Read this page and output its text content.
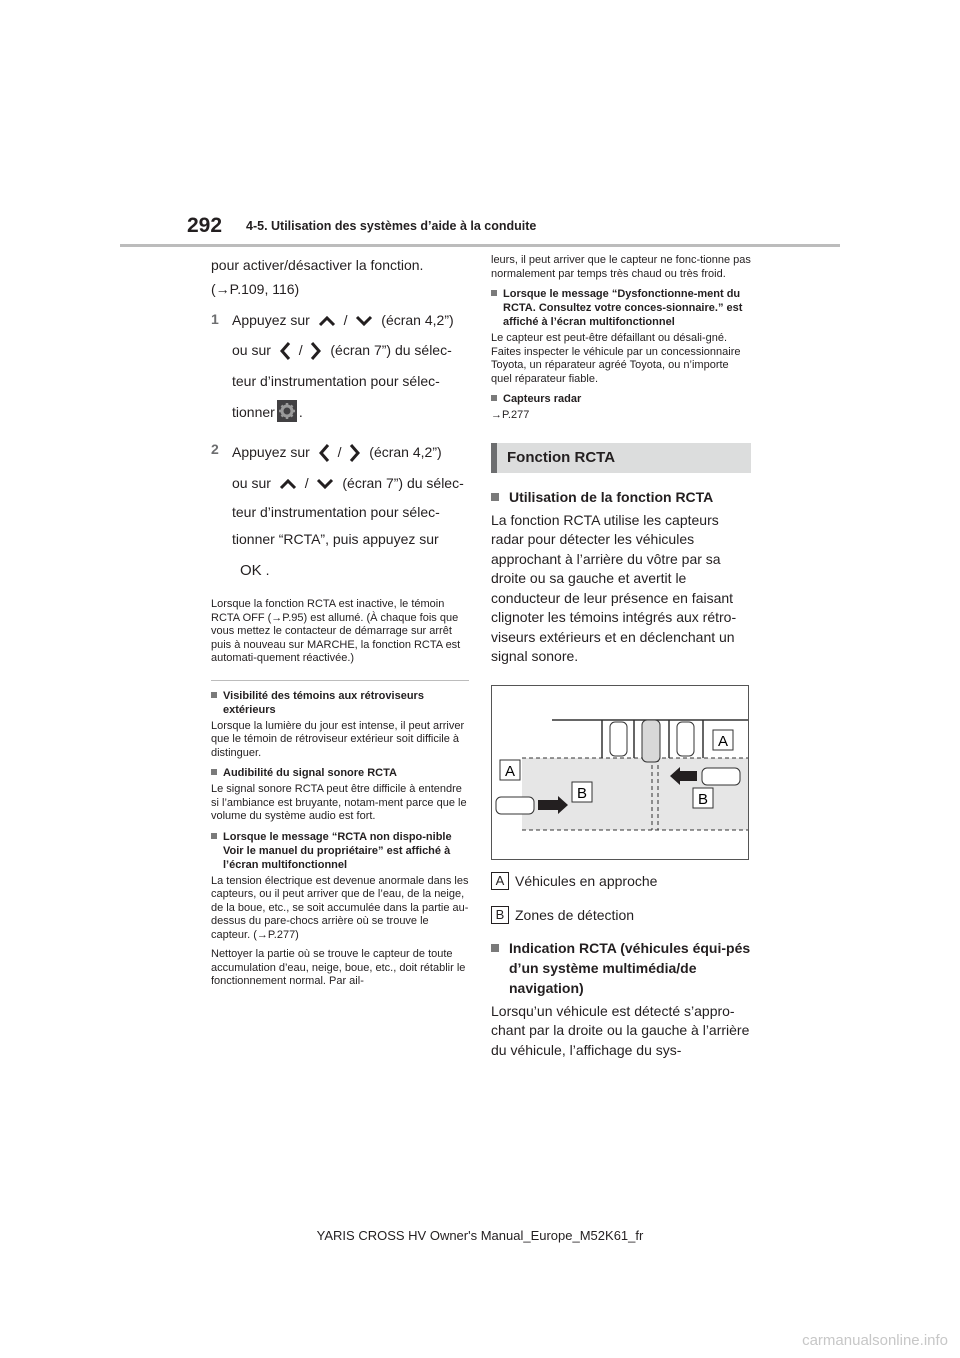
292 4-5. Utilisation des systèmes d’aide à la conduite

pour activer/désactiver la fonction.

(→P.109, 116)

1 Appuyez sur / (écran 4,2”)
ou sur / (écran 7”) du sélec-
teur d’instrumentation pour sélec-
tionner .
2 Appuyez sur / (écran 4,2”)
ou sur / (écran 7”) du sélec-
teur d’instrumentation pour sélec-
tionner “RCTA”, puis appuyez sur
OK .

Lorsque la fonction RCTA est inactive, le témoin RCTA OFF (→P.95) est allumé. (À chaque fois que vous mettez le contacteur de démarrage sur arrêt puis à nouveau sur MARCHE, la fonction RCTA est automati-quement réactivée.)

Visibilité des témoins aux rétroviseurs extérieurs

Lorsque la lumière du jour est intense, il peut arriver que le témoin de rétroviseur extérieur soit difficile à distinguer.

Audibilité du signal sonore RCTA

Le signal sonore RCTA peut être difficile à entendre si l’ambiance est bruyante, notam-ment parce que le volume du système audio est fort.

Lorsque le message “RCTA non dispo-nible Voir le manuel du propriétaire” est affiché à l’écran multifonctionnel

La tension électrique est devenue anormale dans les capteurs, ou il peut arriver que de l’eau, de la neige, de la boue, etc., se soit accumulée dans la partie au-dessus du pare-chocs arrière où se trouve le capteur. (→P.277)

Nettoyer la partie où se trouve le capteur de toute accumulation d’eau, neige, boue, etc., doit rétablir le fonctionnement normal. Par ail-

leurs, il peut arriver que le capteur ne fonc-tionne pas normalement par temps très chaud ou très froid.

Lorsque le message “Dysfonctionne-ment du RCTA. Consultez votre conces-sionnaire.” est affiché à l’écran multifonctionnel

Le capteur est peut-être défaillant ou désali-gné. Faites inspecter le véhicule par un concessionnaire Toyota, un réparateur agréé Toyota, ou n’importe quel réparateur fiable.

Capteurs radar

→P.277

Fonction RCTA
Utilisation de la fonction RCTA

La fonction RCTA utilise les capteurs radar pour détecter les véhicules approchant à l’arrière du vôtre par sa droite ou sa gauche et avertit le conducteur de leur présence en faisant clignoter les témoins intégrés aux rétro-viseurs extérieurs et en déclenchant un signal sonore.

A
A
B	B
A Véhicules en approche
B Zones de détection
Indication RCTA (véhicules équi-pés d’un système multimédia/de navigation)

Lorsqu’un véhicule est détecté s’appro-chant par la droite ou la gauche à l’arrière du véhicule, l’affichage du sys-

YARIS CROSS HV Owner's Manual_Europe_M52K61_fr
carmanualsonline.info
